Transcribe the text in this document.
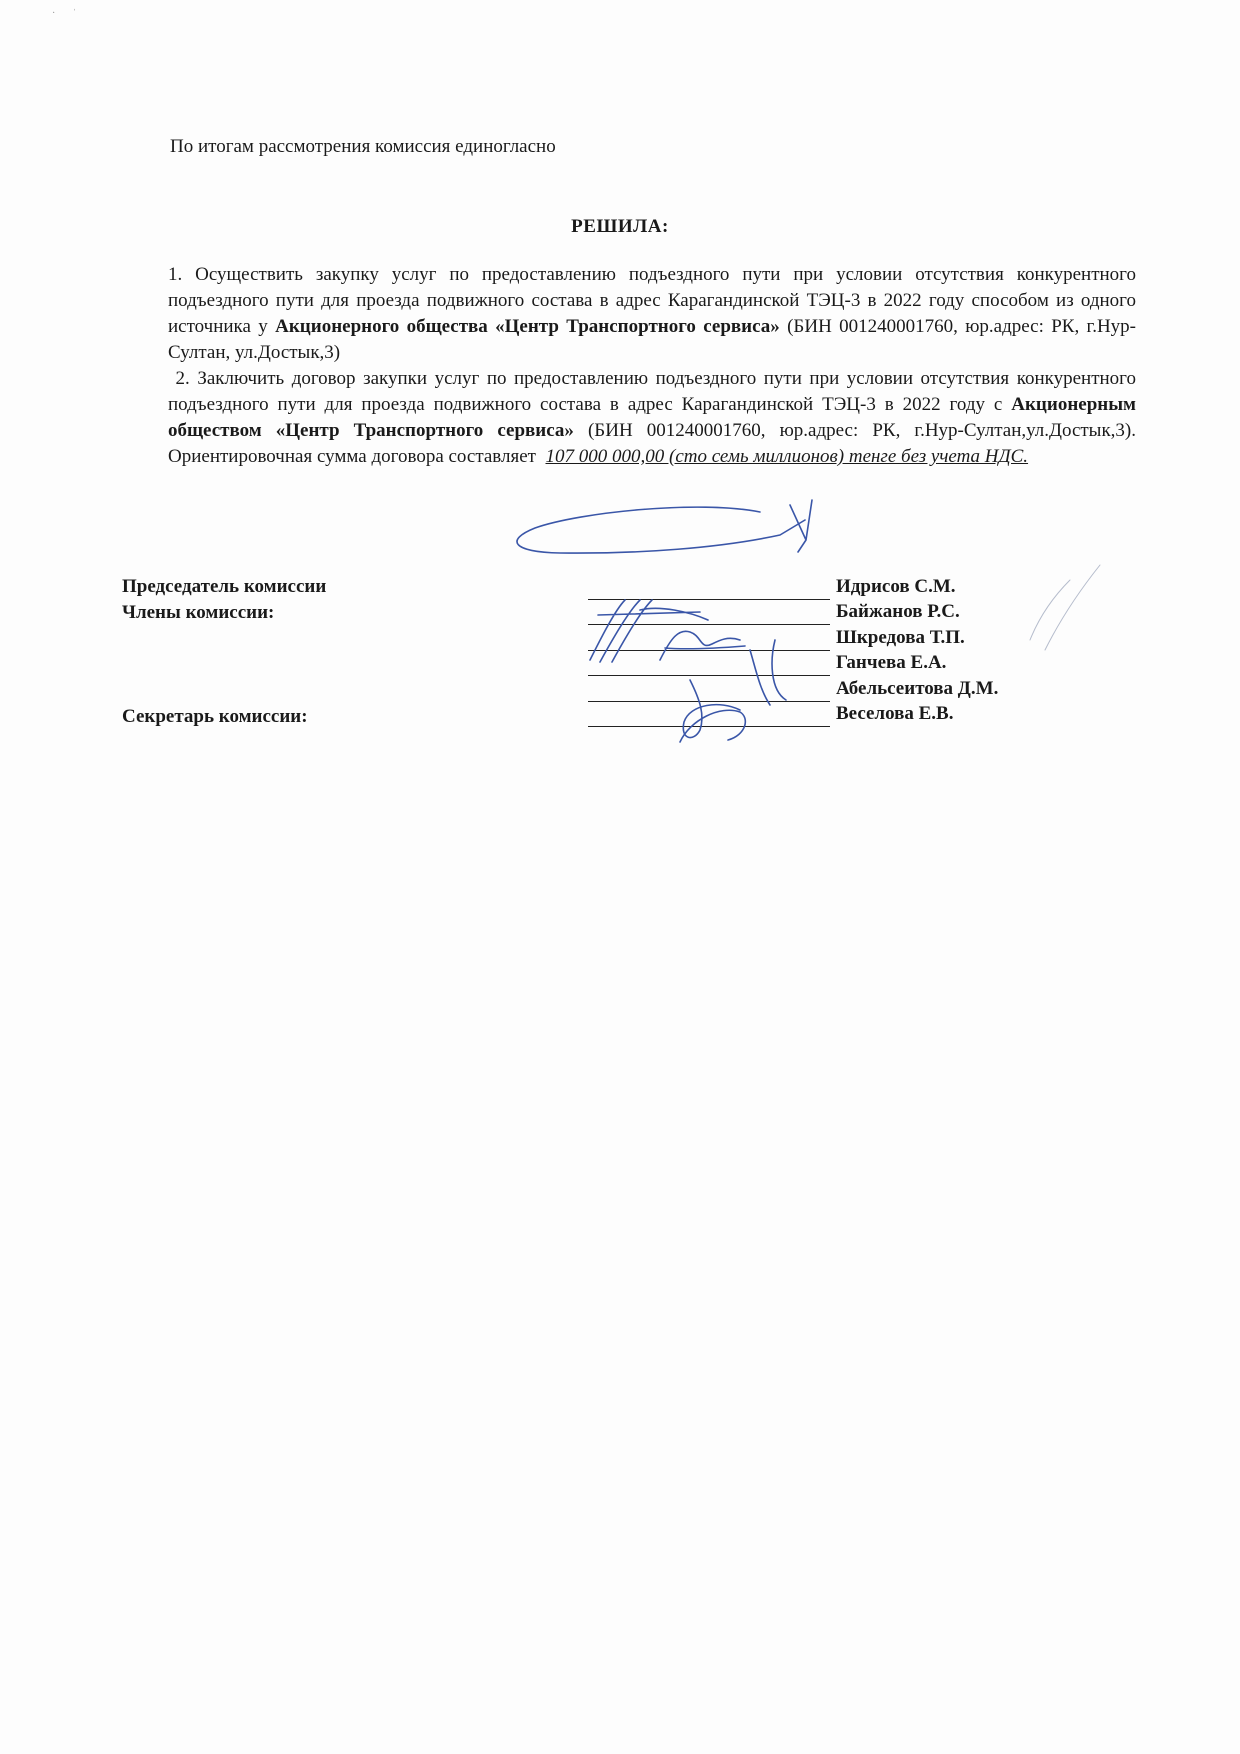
По итогам рассмотрения комиссия единогласно
РЕШИЛА:

1. Осуществить закупку услуг по предоставлению подъездного пути при условии отсутствия конкурентного подъездного пути для проезда подвижного состава в адрес Карагандинской ТЭЦ-3 в 2022 году способом из одного источника у Акционерного общества «Центр Транспортного сервиса» (БИН 001240001760, юр.адрес: РК, г.Нур-Султан, ул.Достык,3)

2. Заключить договор закупки услуг по предоставлению подъездного пути при условии отсутствия конкурентного подъездного пути для проезда подвижного состава в адрес Карагандинской ТЭЦ-3 в 2022 году с Акционерным обществом «Центр Транспортного сервиса» (БИН 001240001760, юр.адрес: РК, г.Нур-Султан,ул.Достык,3). Ориентировочная сумма договора составляет  107 000 000,00 (сто семь миллионов) тенге без учета НДС.

Председатель комиссии
Члены комиссии:
Секретарь комиссии:
Идрисов С.М.
Байжанов Р.С.
Шкредова Т.П.
Ганчева Е.А.
Абельсеитова Д.М.
Веселова Е.В.
·       ˈ
